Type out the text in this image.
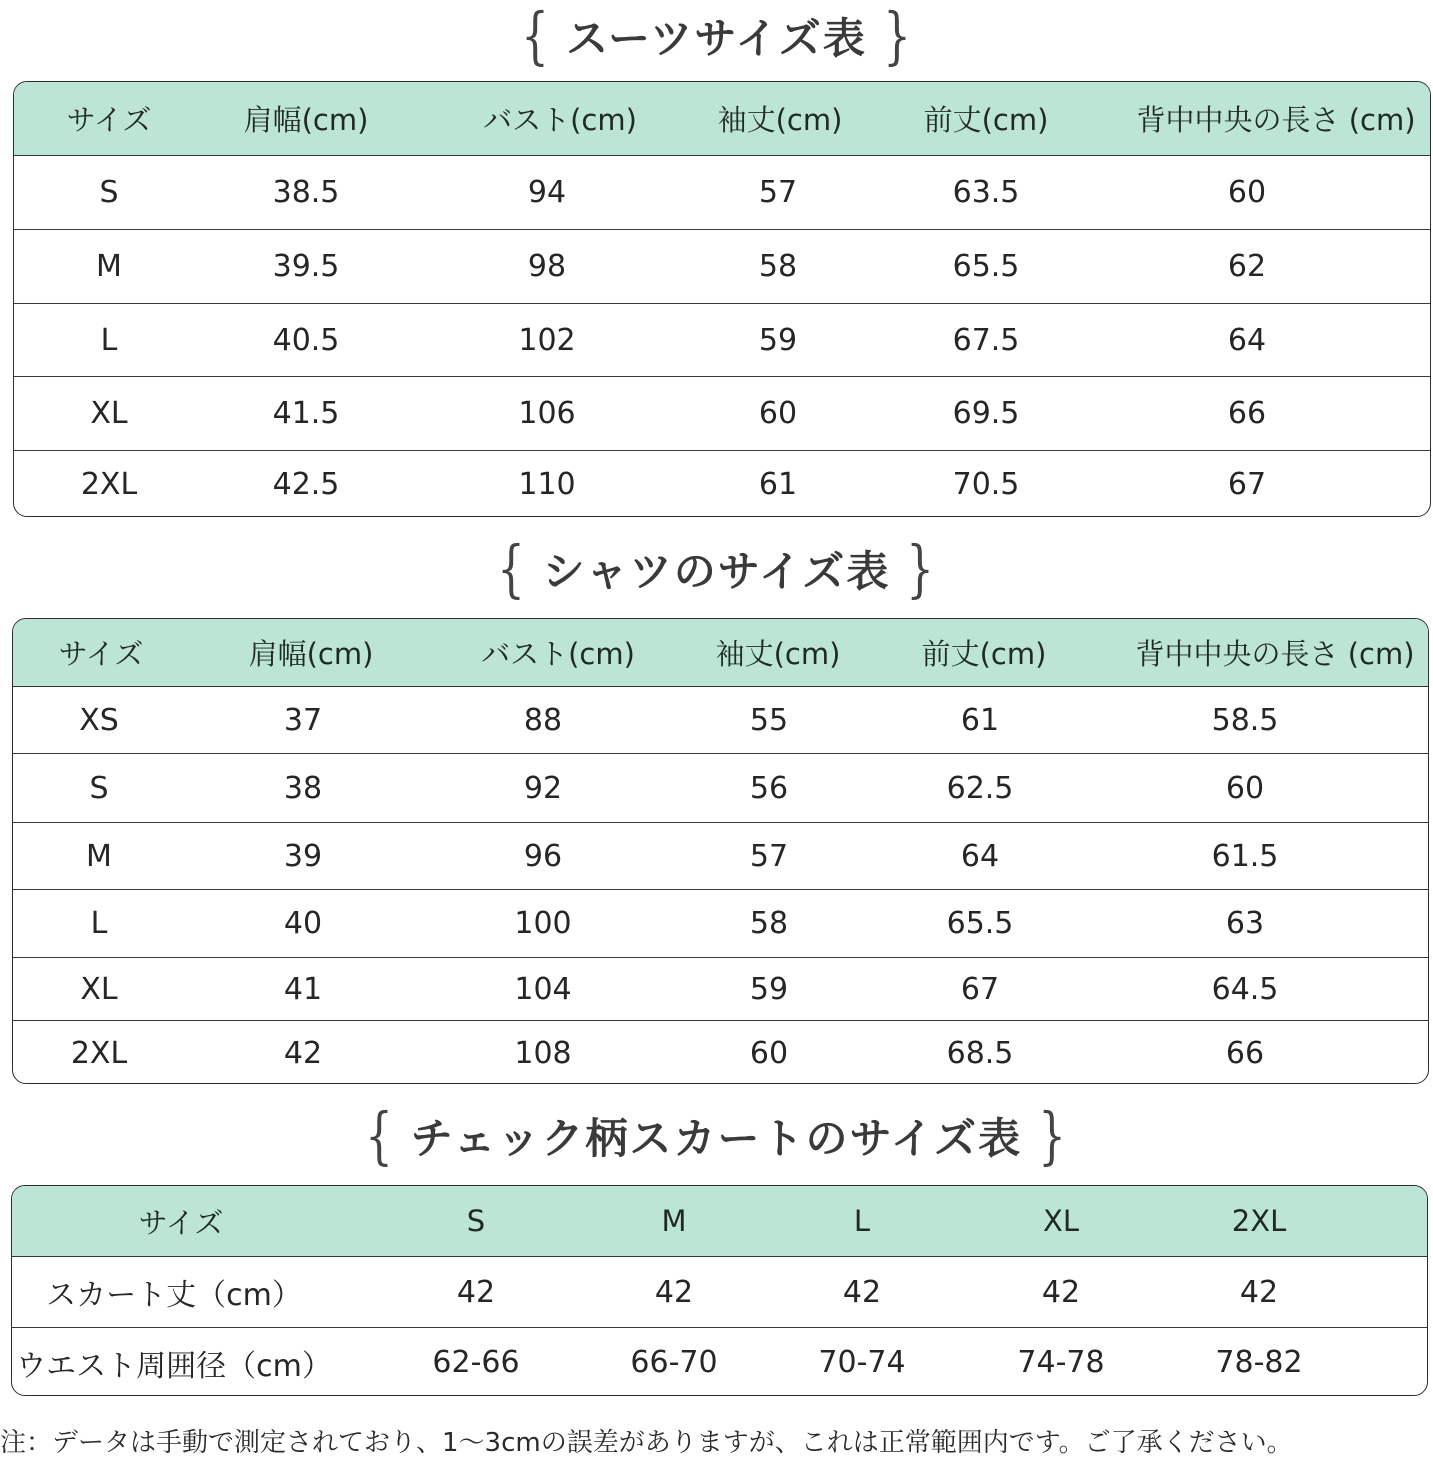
{ スーツサイズ表 }
サイズ	肩幅(cm)	バスト(cm)	袖丈(cm)	前丈(cm)	背中中央の長さ (cm)
S	38.5	94	57	63.5	60
M	39.5	98	58	65.5	62
L	40.5	102	59	67.5	64
XL	41.5	106	60	69.5	66
2XL	42.5	110	61	70.5	67
{ シャツのサイズ表 }
サイズ	肩幅(cm)	バスト(cm)	袖丈(cm)	前丈(cm)	背中中央の長さ (cm)
XS	37	88	55	61	58.5
S	38	92	56	62.5	60
M	39	96	57	64	61.5
L	40	100	58	65.5	63
XL	41	104	59	67	64.5
2XL	42	108	60	68.5	66
{ チェック柄スカートのサイズ表 }
サイズ	S	M	L	XL	2XL
スカート丈（cm）	42	42	42	42	42
ウエスト周囲径（cm）	62-66	66-70	70-74	74-78	78-82
注：データは手動で測定されており、1～3cmの誤差がありますが、これは正常範囲内です。ご了承ください。
